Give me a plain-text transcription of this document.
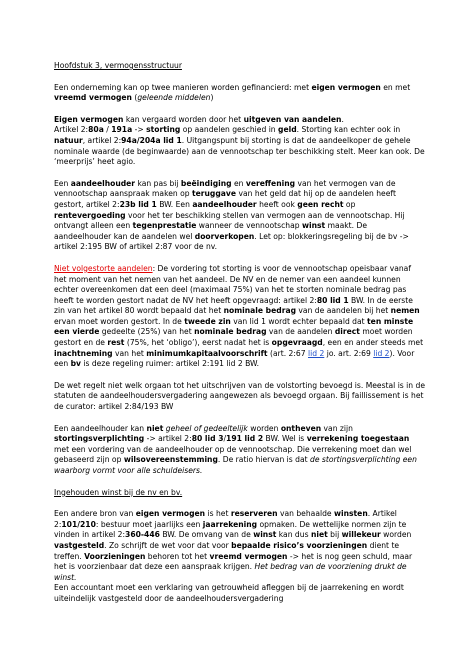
Hoofdstuk 3, vermogensstructuur

Een onderneming kan op twee manieren worden gefinancierd: met eigen vermogen en met vreemd vermogen (geleende middelen)

Eigen vermogen kan vergaard worden door het uitgeven van aandelen.
Artikel 2:80a / 191a -> storting op aandelen geschied in geld. Storting kan echter ook in natuur, artikel 2:94a/204a lid 1. Uitgangspunt bij storting is dat de aandeelkoper de gehele nominale waarde (de beginwaarde) aan de vennootschap ter beschikking stelt. Meer kan ook. De ‘meerprijs’ heet agio.

Een aandeelhouder kan pas bij beëindiging en vereffening van het vermogen van de vennootschap aanspraak maken op teruggave van het geld dat hij op de aandelen heeft gestort, artikel 2:23b lid 1 BW. Een aandeelhouder heeft ook geen recht op rentevergoeding voor het ter beschikking stellen van vermogen aan de vennootschap. Hij ontvangt alleen een tegenprestatie wanneer de vennootschap winst maakt. De aandeelhouder kan de aandelen wel doorverkopen. Let op: blokkeringsregeling bij de bv -> artikel 2:195 BW of artikel 2:87 voor de nv.

Niet volgestorte aandelen: De vordering tot storting is voor de vennootschap opeisbaar vanaf het moment van het nemen van het aandeel. De NV en de nemer van een aandeel kunnen echter overeenkomen dat een deel (maximaal 75%) van het te storten nominale bedrag pas heeft te worden gestort nadat de NV het heeft opgevraagd: artikel 2:80 lid 1 BW. In de eerste zin van het artikel 80 wordt bepaald dat het nominale bedrag van de aandelen bij het nemen ervan moet worden gestort. In de tweede zin van lid 1 wordt echter bepaald dat ten minste een vierde gedeelte (25%) van het nominale bedrag van de aandelen direct moet worden gestort en de rest (75%, het ‘obligo’), eerst nadat het is opgevraagd, een en ander steeds met inachtneming van het minimumkapitaalvoorschrift (art. 2:67 lid 2 jo. art. 2:69 lid 2). Voor een bv is deze regeling ruimer: artikel 2:191 lid 2 BW.

De wet regelt niet welk orgaan tot het uitschrijven van de volstorting bevoegd is. Meestal is in de statuten de aandeelhoudersvergadering aangewezen als bevoegd orgaan. Bij faillissement is het de curator: artikel 2:84/193 BW

Een aandeelhouder kan niet geheel of gedeeltelijk worden ontheven van zijn stortingsverplichting -> artikel 2:80 lid 3/191 lid 2 BW. Wel is verrekening toegestaan met een vordering van de aandeelhouder op de vennootschap. Die verrekening moet dan wel gebaseerd zijn op wilsovereenstemming. De ratio hiervan is dat de stortingsverplichting een waarborg vormt voor alle schuldeisers.

Ingehouden winst bij de nv en bv.

Een andere bron van eigen vermogen is het reserveren van behaalde winsten. Artikel 2:101/210: bestuur moet jaarlijks een jaarrekening opmaken. De wettelijke normen zijn te vinden in artikel 2:360-446 BW. De omvang van de winst kan dus niet bij willekeur worden vastgesteld. Zo schrijft de wet voor dat voor bepaalde risico’s voorzieningen dient te treffen. Voorzieningen behoren tot het vreemd vermogen -> het is nog geen schuld, maar het is voorzienbaar dat deze een aanspraak krijgen. Het bedrag van de voorziening drukt de winst.
Een accountant moet een verklaring van getrouwheid afleggen bij de jaarrekening en wordt uiteindelijk vastgesteld door de aandeelhoudersvergadering
